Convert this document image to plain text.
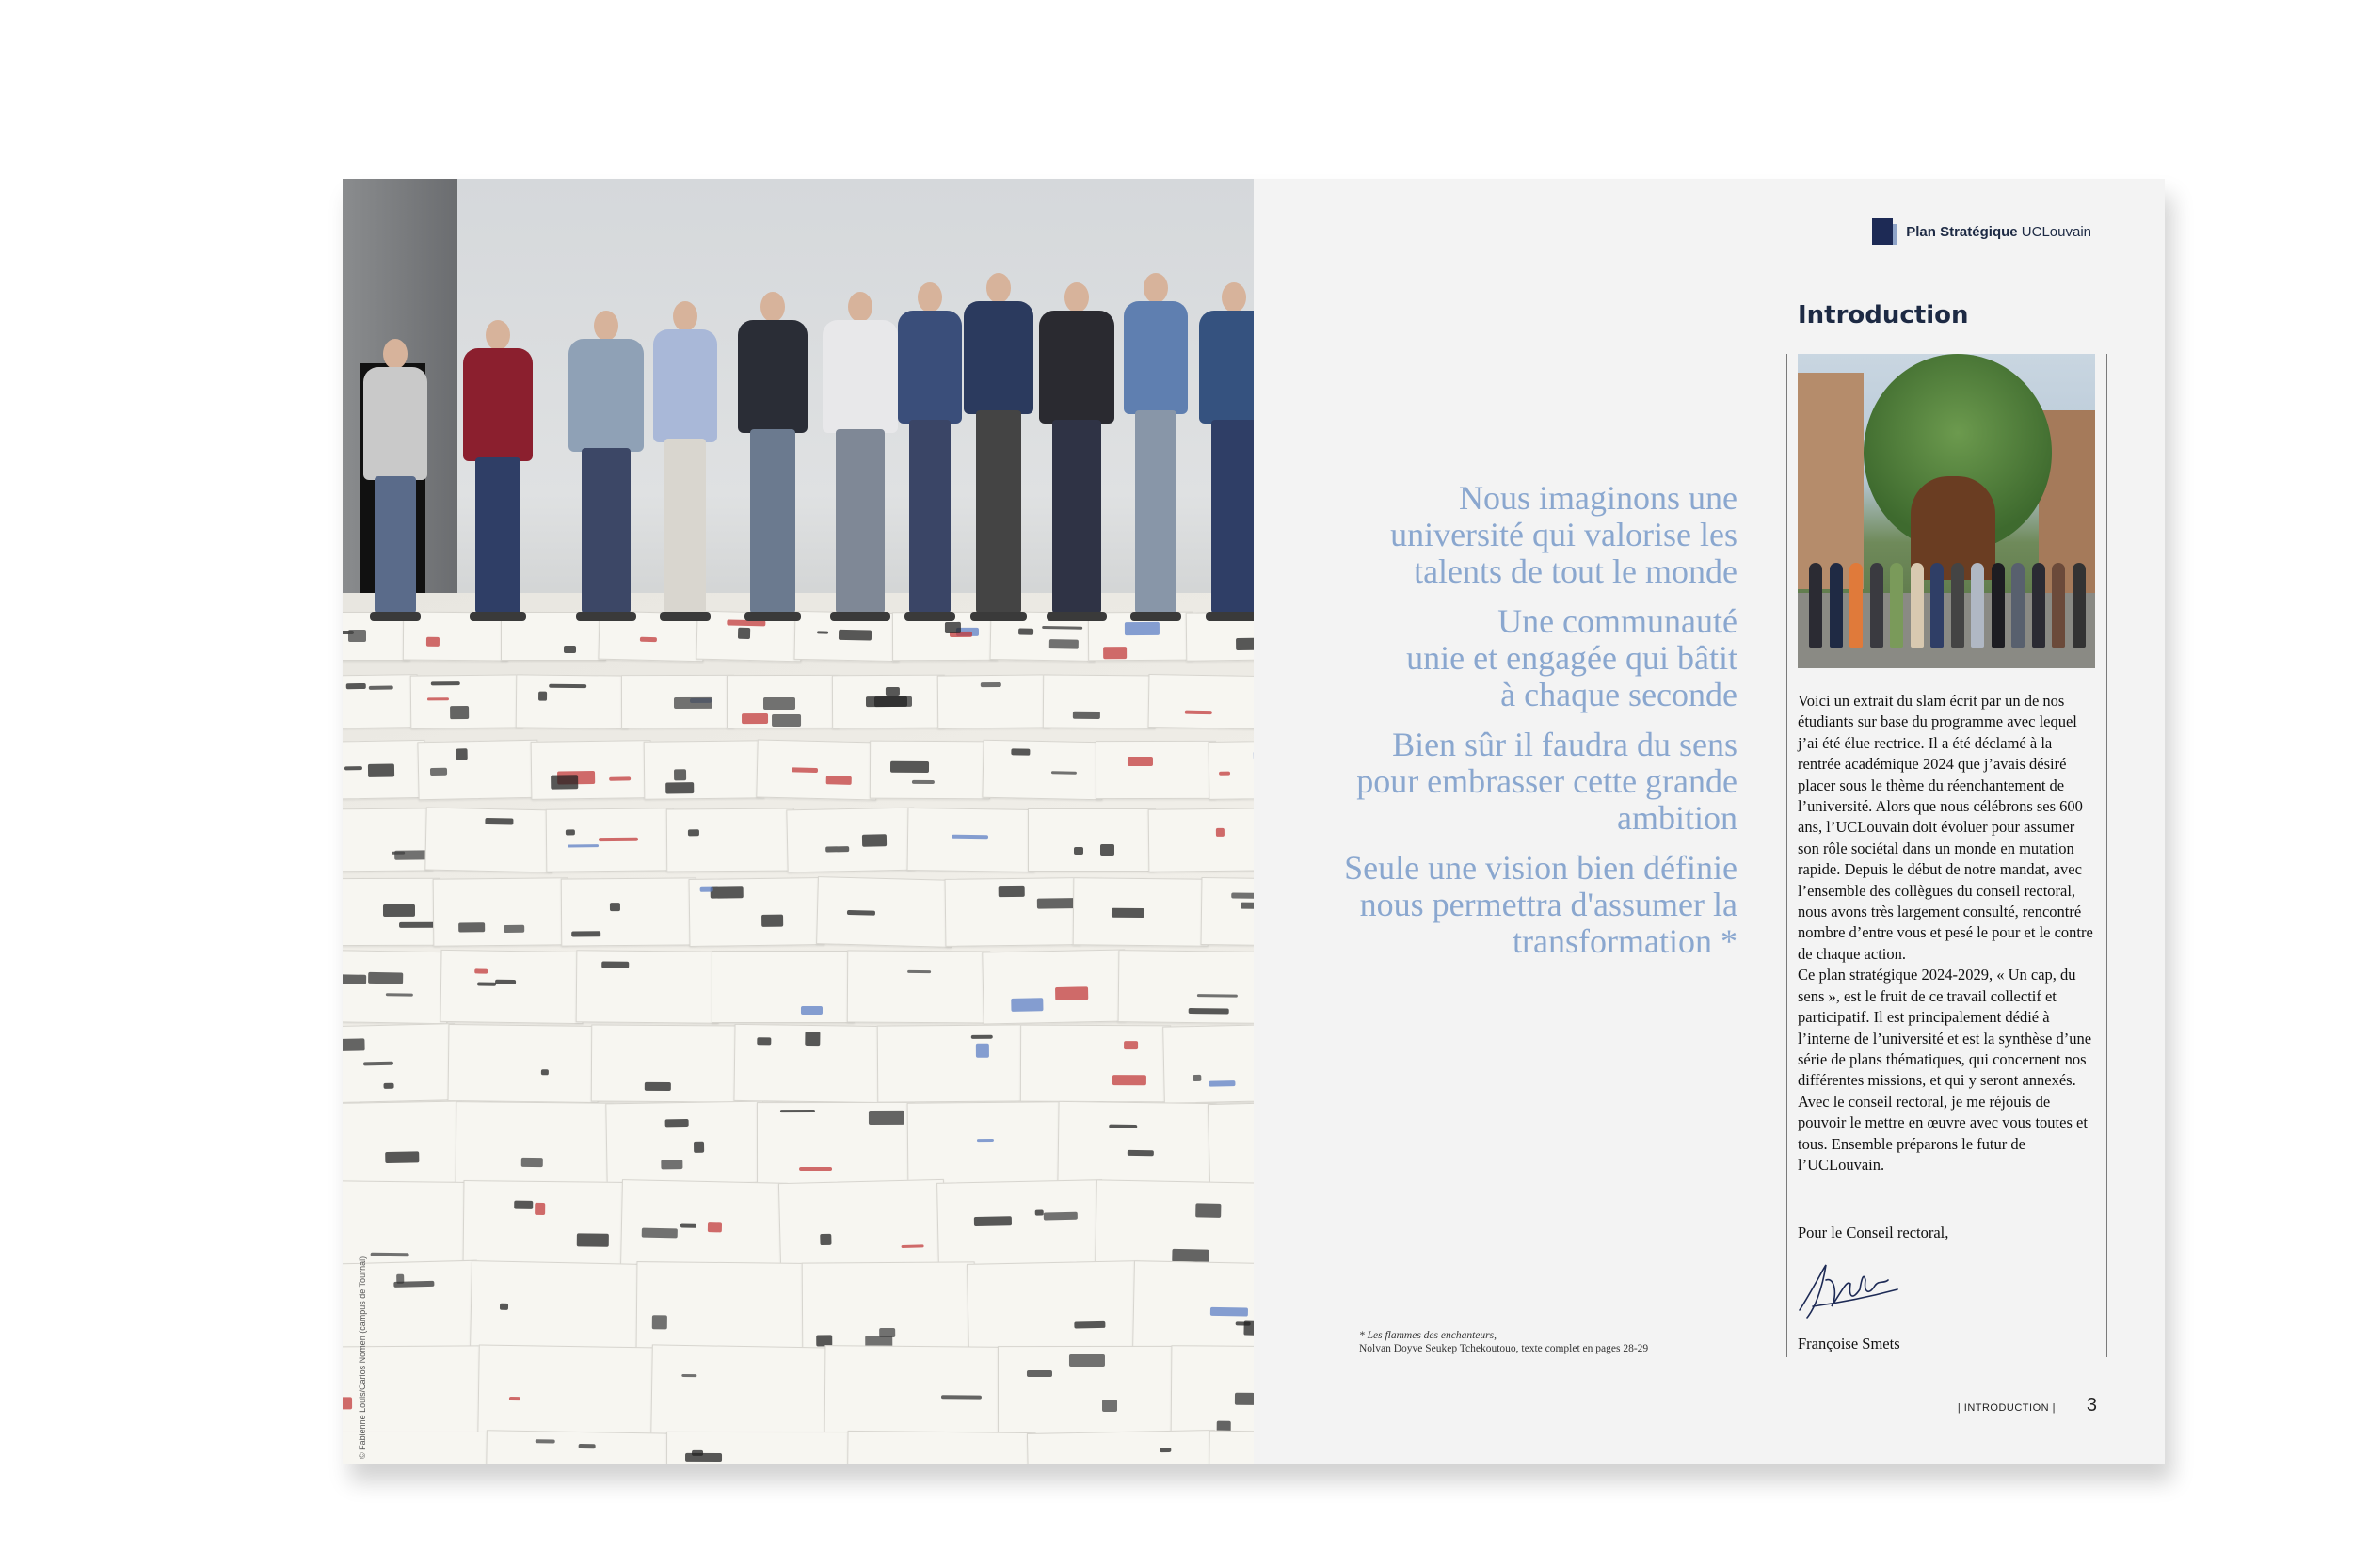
© Fabienne Louis/Carlos Nomen (campus de Tournai)
Plan Stratégique UCLouvain
Introduction
Nous imaginons une
université qui valorise les
talents de tout le monde
Une communauté
unie et engagée qui bâtit
à chaque seconde
Bien sûr il faudra du sens
pour embrasser cette grande
ambition
Seule une vision bien définie
nous permettra d'assumer la
transformation *
* Les flammes des enchanteurs,
Nolvan Doyve Seukep Tchekoutouo, texte complet en pages 28-29

Voici un extrait du slam écrit par un de nos étudiants sur base du programme avec lequel j’ai été élue rectrice. Il a été déclamé à la rentrée académique 2024 que j’avais désiré placer sous le thème du réenchantement de l’université. Alors que nous célébrons ses 600 ans, l’UCLouvain doit évoluer pour assumer son rôle sociétal dans un monde en mutation rapide. Depuis le début de notre mandat, avec l’ensemble des collègues du conseil rectoral, nous avons très largement consulté, rencontré nombre d’entre vous et pesé le pour et le contre de chaque action.

Ce plan stratégique 2024-2029, « Un cap, du sens », est le fruit de ce travail collectif et participatif. Il est principalement dédié à l’interne de l’université et est la synthèse d’une série de plans thématiques, qui concernent nos différentes missions, et qui y seront annexés. Avec le conseil rectoral, je me réjouis de pouvoir le mettre en œuvre avec vous toutes et tous. Ensemble préparons le futur de l’UCLouvain.

Pour le Conseil rectoral,
Françoise Smets
| INTRODUCTION | 3
